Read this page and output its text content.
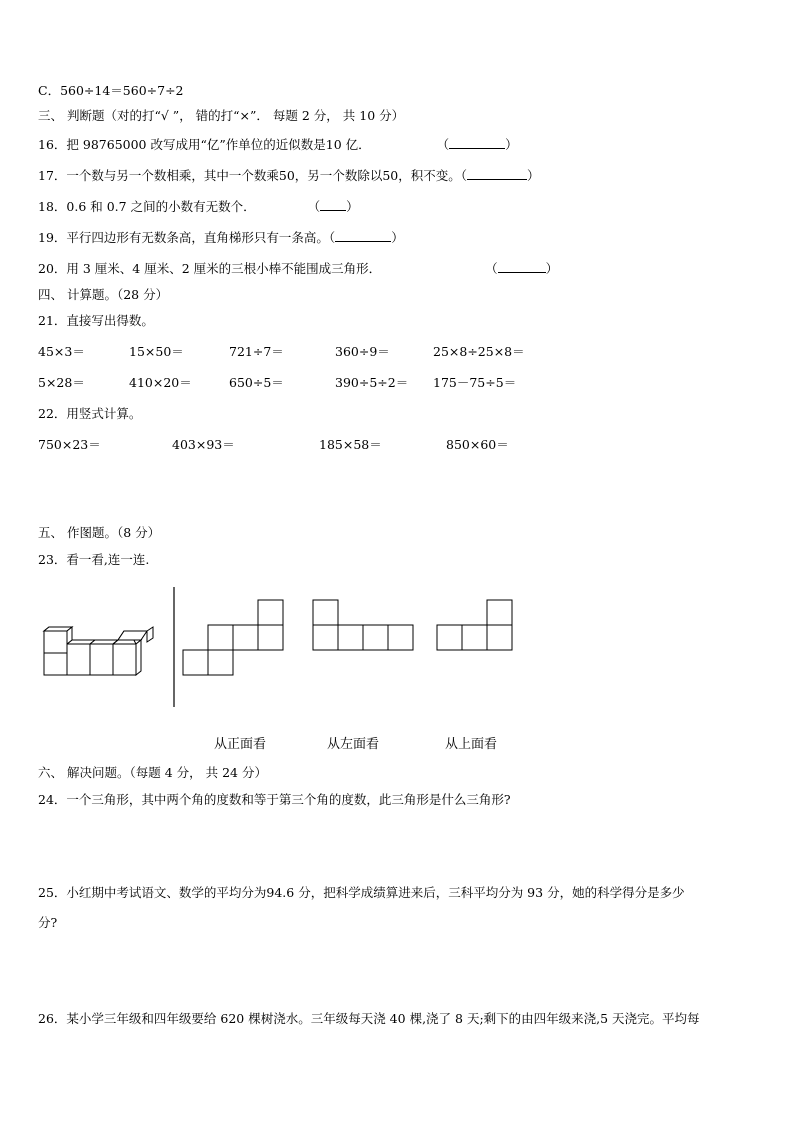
C．560÷14＝560÷7÷2
三、 判断题（对的打“√ ”， 错的打“×”． 每题 2 分， 共 10 分）
16．把 98765000 改写成用“亿”作单位的近似数是10 亿．	（	）
17．一个数与另一个数相乘，其中一个数乘50，另一个数除以50，积不变。（	）
18．0.6 和 0.7 之间的小数有无数个．	（ ）
19．平行四边形有无数条高，直角梯形只有一条高。（	）
20．用 3 厘米、4 厘米、2 厘米的三根小棒不能围成三角形．	（	）
四、 计算题。（28 分）
21．直接写出得数。
45×3＝	15×50＝	721÷7＝	360÷9＝	25×8÷25×8＝
5×28＝	410×20＝	650÷5＝	390÷5÷2＝ 175－75÷5＝
22．用竖式计算。
750×23＝	403×93＝	185×58＝	850×60＝
五、 作图题。（8 分）
23．看一看,连一连.
从正面看	从左面看	从上面看
六、 解决问题。（每题 4 分， 共 24 分）
24．一个三角形，其中两个角的度数和等于第三个角的度数，此三角形是什么三角形?
25．小红期中考试语文、数学的平均分为94.6 分，把科学成绩算进来后，三科平均分为 93 分，她的科学得分是多少
分?
26．某小学三年级和四年级要给 620 棵树浇水。三年级每天浇 40 棵,浇了 8 天;剩下的由四年级来浇,5 天浇完。平均每
